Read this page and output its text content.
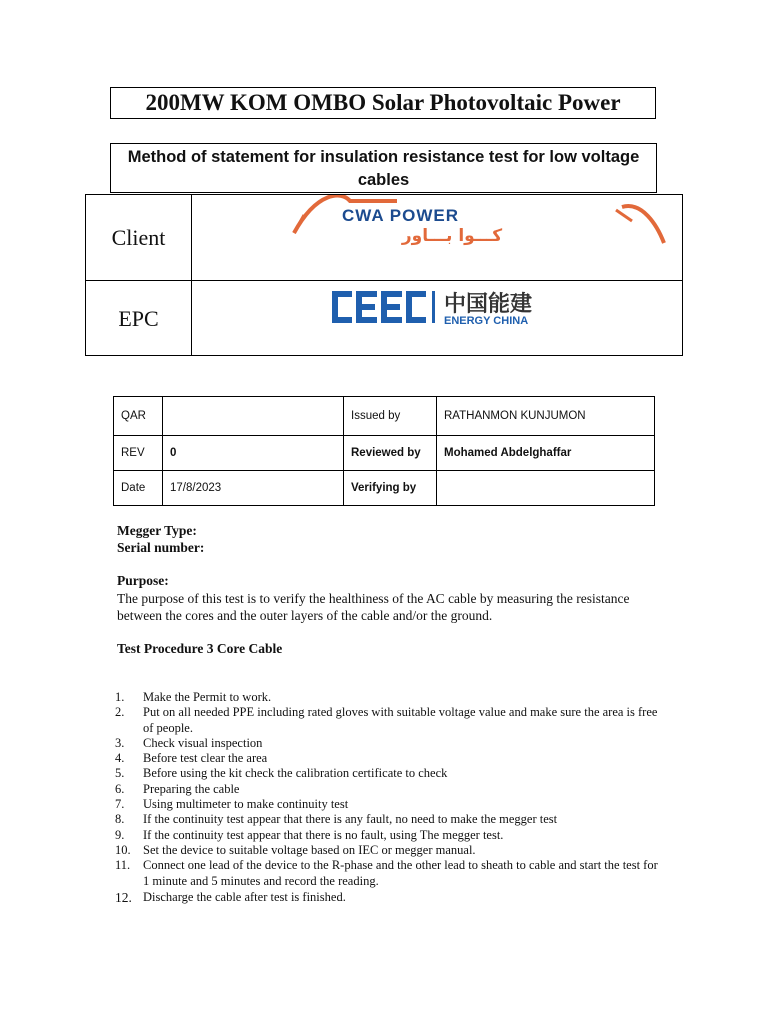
200MW KOM OMBO Solar Photovoltaic Power
Method of statement for insulation resistance test for low voltage cables
Client
CWA POWER
كـــوا بـــاور
EPC
中国能建
ENERGY CHINA
QAR		Issued by	RATHANMON KUNJUMON
REV	0	Reviewed by	Mohamed Abdelghaffar
Date	17/8/2023	Verifying by	
Megger Type:
Serial number:
Purpose:
The purpose of this test is to verify the healthiness of the AC cable by measuring the resistance between the cores and the outer layers of the cable and/or the ground.
Test Procedure 3 Core Cable
1. Make the Permit to work.
2. Put on all needed PPE including rated gloves with suitable voltage value and make sure the area is free of people.
3. Check visual inspection
4. Before test clear the area
5. Before using the kit check the calibration certificate to check
6. Preparing the cable
7. Using multimeter to make continuity test
8. If the continuity test appear that there is any fault, no need to make the megger test
9. If the continuity test appear that there is no fault, using The megger test.
10. Set the device to suitable voltage based on IEC or megger manual.
11. Connect one lead of the device to the R-phase and the other lead to sheath to cable and start the test for 1 minute and 5 minutes and record the reading.
12. Discharge the cable after test is finished.
